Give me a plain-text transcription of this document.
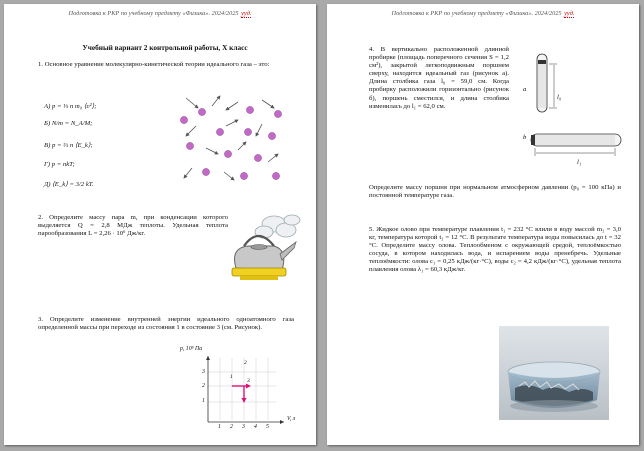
Подготовка к РКР по учебному предмету «Физика». 2024/2025 ууд.
Учебный вариант 2 контрольной работы, X класс
1. Основное уравнение молекулярно-кинетической теории идеального газа – это:
А) p = ⅓ n m₀ ⟨ʋ²⟩;
Б) N/m = N_A/M;
В) p = ⅔ n ⟨E_k⟩;
Г) p = nkT;
Д) ⟨E_k⟩ = 3/2 kT.
2. Определите массу пара m, при конденсации которого выделяется Q = 2,8 МДж теплоты. Удельная теплота парообразования L = 2,26 · 10⁶ Дж/кг.
3. Определите изменение внутренней энергии идеального одноатомного газа определенной массы при переходе из состояния 1 в состояние 3 (см. Рисунок).
p, 10⁵ Па
V, л
1
2
3
1 2 3 4 5
1
2
3
Подготовка к РКР по учебному предмету «Физика». 2024/2025 ууд.
4. В вертикально расположенной длинной пробирке (площадь поперечного сечения S = 1,2 см²), закрытой легкоподвижным поршнем сверху, находится идеальный газ (рисунок а). Длина столбика газа l₀ = 59,0 см. Когда пробирку расположили горизонтально (рисунок б), поршень сместился, и длина столбика изменилась до l₁ = 62,0 см.
a
l₀
b
l₁
Определите массу поршня при нормальном атмосферном давлении (p₀ = 100 кПа) и постоянной температуре газа.
5. Жидкое олово при температуре плавления t₁ = 232 °С влили в воду массой m₂ = 3,0 кг, температура которой t₂ = 12 °С. В результате температура воды повысилась до t = 32 °С. Определите массу олова. Теплообменом с окружающей средой, теплоёмкостью сосуда, в котором находилась вода, и испарением воды пренебречь. Удельные теплоёмкости: олова c₁ = 0,25 кДж/(кг·°С), воды c₂ = 4,2 кДж/(кг·°С), удельная теплота плавления олова λ₁ = 60,3 кДж/кг.
